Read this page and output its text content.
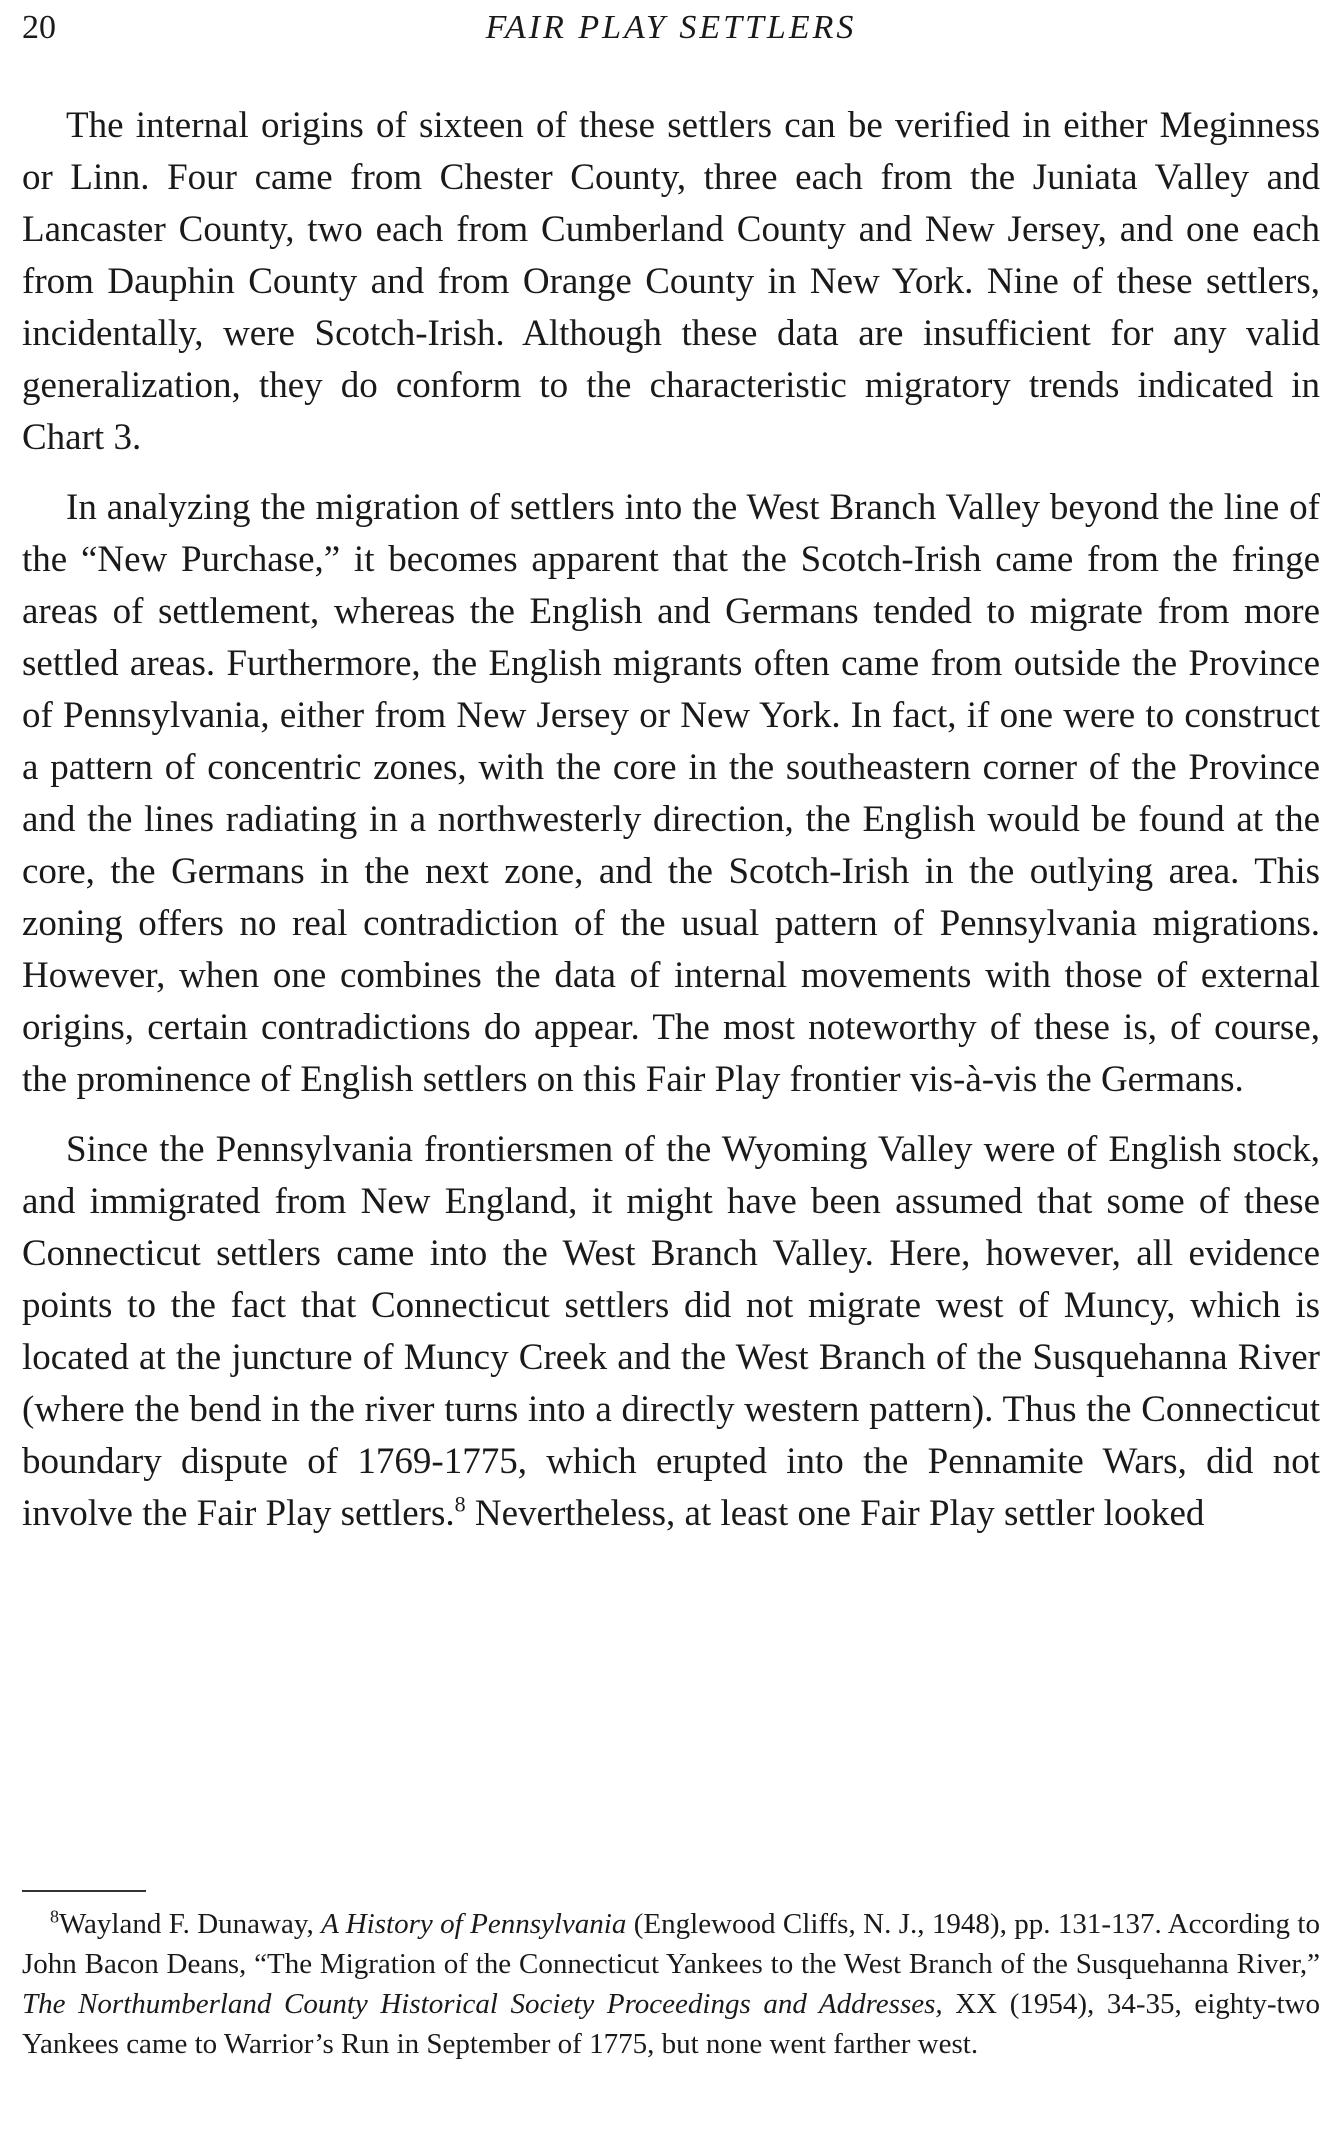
20	FAIR PLAY SETTLERS

The internal origins of sixteen of these settlers can be verified in either Meginness or Linn. Four came from Chester County, three each from the Juniata Valley and Lancaster County, two each from Cumberland County and New Jersey, and one each from Dauphin County and from Orange County in New York. Nine of these settlers, incidentally, were Scotch-Irish. Although these data are insufficient for any valid generalization, they do conform to the characteristic migratory trends indicated in Chart 3.

In analyzing the migration of settlers into the West Branch Valley beyond the line of the “New Purchase,” it becomes apparent that the Scotch-Irish came from the fringe areas of settlement, whereas the English and Germans tended to migrate from more settled areas. Furthermore, the English migrants often came from outside the Province of Pennsylvania, either from New Jersey or New York. In fact, if one were to construct a pattern of concentric zones, with the core in the southeastern corner of the Province and the lines radiating in a northwesterly direction, the English would be found at the core, the Germans in the next zone, and the Scotch-Irish in the outlying area. This zoning offers no real contradiction of the usual pattern of Pennsylvania migrations. However, when one combines the data of internal movements with those of external origins, certain contradictions do appear. The most noteworthy of these is, of course, the prominence of English settlers on this Fair Play frontier vis-à-vis the Germans.

Since the Pennsylvania frontiersmen of the Wyoming Valley were of English stock, and immigrated from New England, it might have been assumed that some of these Connecticut settlers came into the West Branch Valley. Here, however, all evidence points to the fact that Connecticut settlers did not migrate west of Muncy, which is located at the juncture of Muncy Creek and the West Branch of the Susquehanna River (where the bend in the river turns into a directly western pattern). Thus the Connecticut boundary dispute of 1769-1775, which erupted into the Pennamite Wars, did not involve the Fair Play settlers.$^8$ Nevertheless, at least one Fair Play settler looked

$^8$Wayland F. Dunaway, A History of Pennsylvania (Englewood Cliffs, N. J., 1948), pp. 131-137. According to John Bacon Deans, “The Migration of the Connecticut Yankees to the West Branch of the Susquehanna River,” The Northumberland County Historical Society Proceedings and Addresses, XX (1954), 34-35, eighty-two Yankees came to Warrior’s Run in September of 1775, but none went farther west.
